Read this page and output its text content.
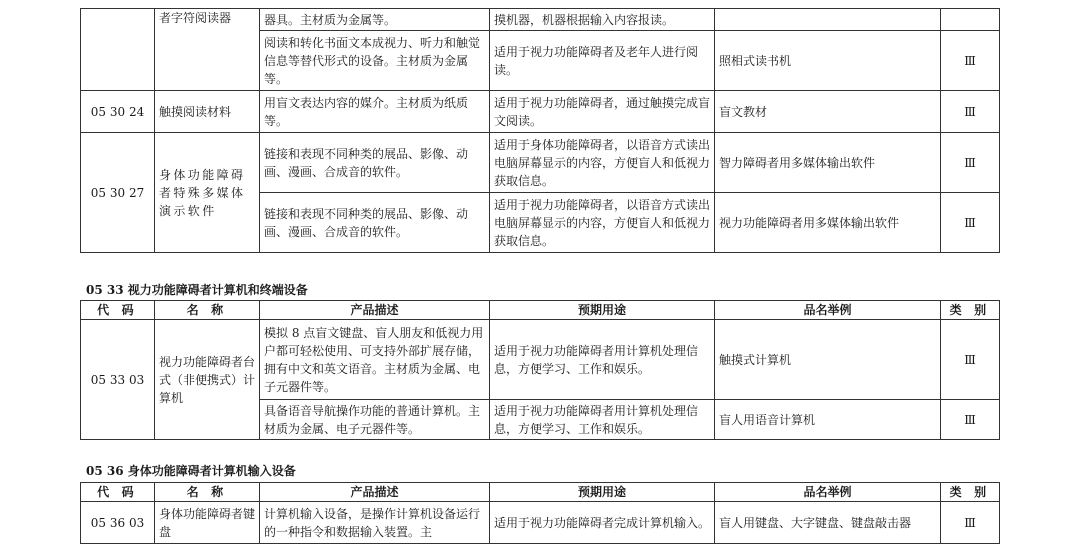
	者字符阅读器	器具。主材质为金属等。	摸机器，机器根据输入内容报读。		
		阅读和转化书面文本成视力、听力和触觉信息等替代形式的设备。主材质为金属等。	适用于视力功能障碍者及老年人进行阅读。	照相式读书机	Ⅲ
05 30 24	触摸阅读材料	用盲文表达内容的媒介。主材质为纸质等。	适用于视力功能障碍者，通过触摸完成盲文阅读。	盲文教材	Ⅲ
05 30 27	身体功能障碍者特殊多媒体演示软件	链接和表现不同种类的展品、影像、动画、漫画、合成音的软件。	适用于身体功能障碍者，以语音方式读出电脑屏幕显示的内容，方便盲人和低视力获取信息。	智力障碍者用多媒体输出软件	Ⅲ
		链接和表现不同种类的展品、影像、动画、漫画、合成音的软件。	适用于视力功能障碍者，以语音方式读出电脑屏幕显示的内容，方便盲人和低视力获取信息。	视力功能障碍者用多媒体输出软件	Ⅲ
05 33 视力功能障碍者计算机和终端设备
代 码	名 称	产品描述	预期用途	品名举例	类 别
05 33 03	视力功能障碍者台式（非便携式）计算机	模拟 8 点盲文键盘、盲人朋友和低视力用户都可轻松使用、可支持外部扩展存储，拥有中文和英文语音。主材质为金属、电子元器件等。	适用于视力功能障碍者用计算机处理信息，方便学习、工作和娱乐。	触摸式计算机	Ⅲ
		具备语音导航操作功能的普通计算机。主材质为金属、电子元器件等。	适用于视力功能障碍者用计算机处理信息，方便学习、工作和娱乐。	盲人用语音计算机	Ⅲ
05 36 身体功能障碍者计算机输入设备
代 码	名 称	产品描述	预期用途	品名举例	类 别
05 36 03	身体功能障碍者键盘	计算机输入设备，是操作计算机设备运行的一种指令和数据输入装置。主	适用于视力功能障碍者完成计算机输入。	盲人用键盘、大字键盘、键盘敲击器	Ⅲ
